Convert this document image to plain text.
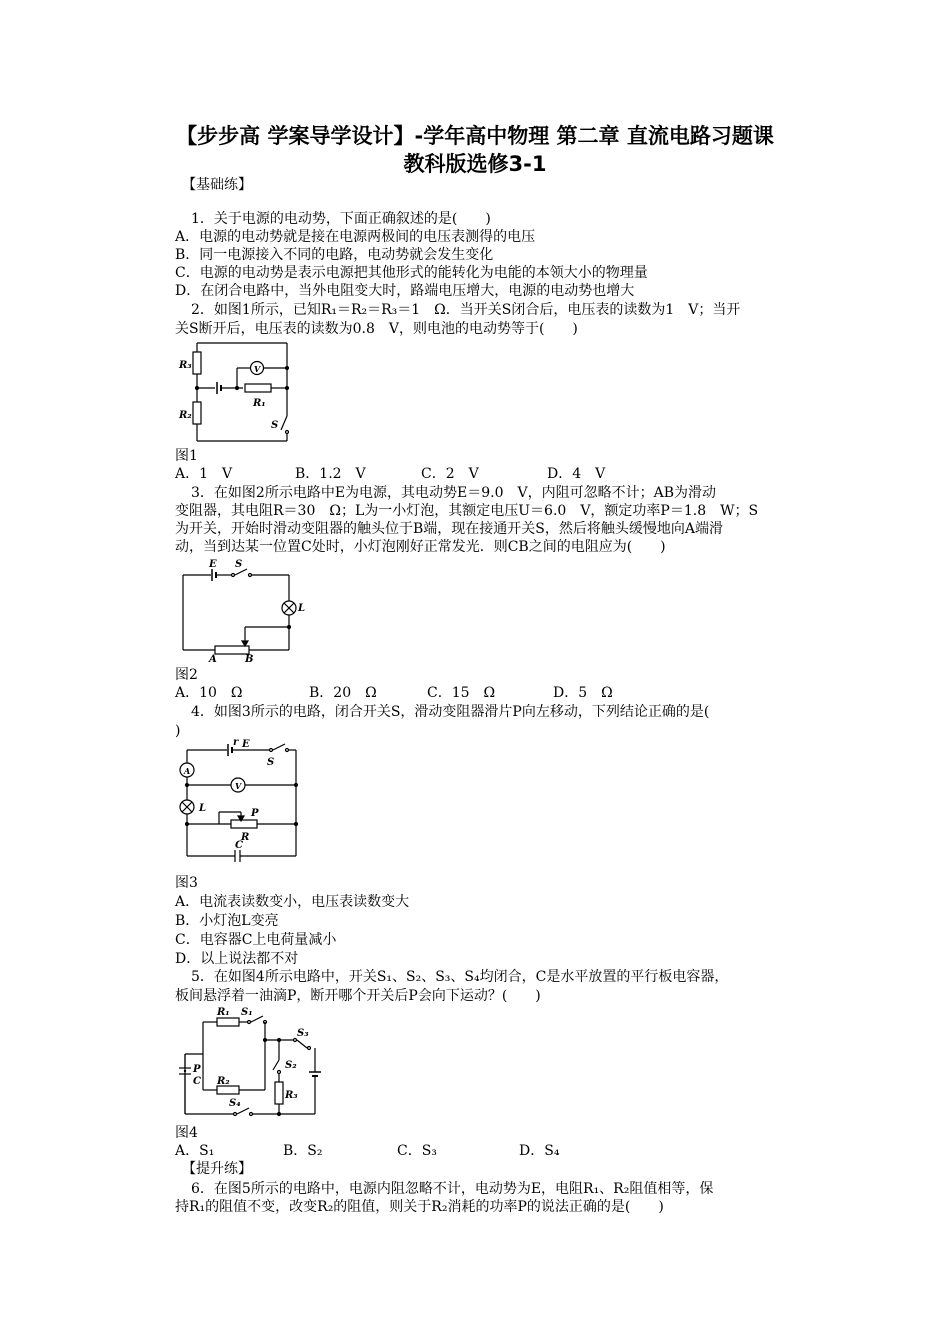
【步步高 学案导学设计】-学年高中物理 第二章 直流电路习题课
教科版选修3-1
【基础练】
1．关于电源的电动势，下面正确叙述的是(　　)
A．电源的电动势就是接在电源两极间的电压表测得的电压
B．同一电源接入不同的电路，电动势就会发生变化
C．电源的电动势是表示电源把其他形式的能转化为电能的本领大小的物理量
D．在闭合电路中，当外电阻变大时，路端电压增大，电源的电动势也增大
2．如图1所示，已知R₁＝R₂＝R₃＝1　Ω．当开关S闭合后，电压表的读数为1　V；当开
关S断开后，电压表的读数为0.8　V，则电池的电动势等于(　　)
R₃
R₂
R₁
V
S
图1
A．1　V	B．1.2　V	C．2　V	D．4　V
3．在如图2所示电路中E为电源，其电动势E＝9.0　V，内阻可忽略不计；AB为滑动
变阻器，其电阻R＝30　Ω；L为一小灯泡，其额定电压U＝6.0　V，额定功率P＝1.8　W；S
为开关，开始时滑动变阻器的触头位于B端，现在接通开关S，然后将触头缓慢地向A端滑
动，当到达某一位置C处时，小灯泡刚好正常发光．则CB之间的电阻应为(　　)
E S
L
A	B
图2
A．10　Ω	B．20　Ω	C．15　Ω	D．5　Ω
4．如图3所示的电路，闭合开关S，滑动变阻器滑片P向左移动，下列结论正确的是(
)
r E
S
A
V
L	P
R
C
图3
A．电流表读数变小，电压表读数变大
B．小灯泡L变亮
C．电容器C上电荷量减小
D．以上说法都不对
5．在如图4所示电路中，开关S₁、S₂、S₃、S₄均闭合，C是水平放置的平行板电容器，
板间悬浮着一油滴P，断开哪个开关后P会向下运动？(　　)
R₁ S₁
R₂
S₃
S₂
P
C
R₃
S₄
图4
A．S₁	B．S₂	C．S₃	D．S₄
【提升练】
6．在图5所示的电路中，电源内阻忽略不计，电动势为E，电阻R₁、R₂阻值相等，保
持R₁的阻值不变，改变R₂的阻值，则关于R₂消耗的功率P的说法正确的是(　　)
